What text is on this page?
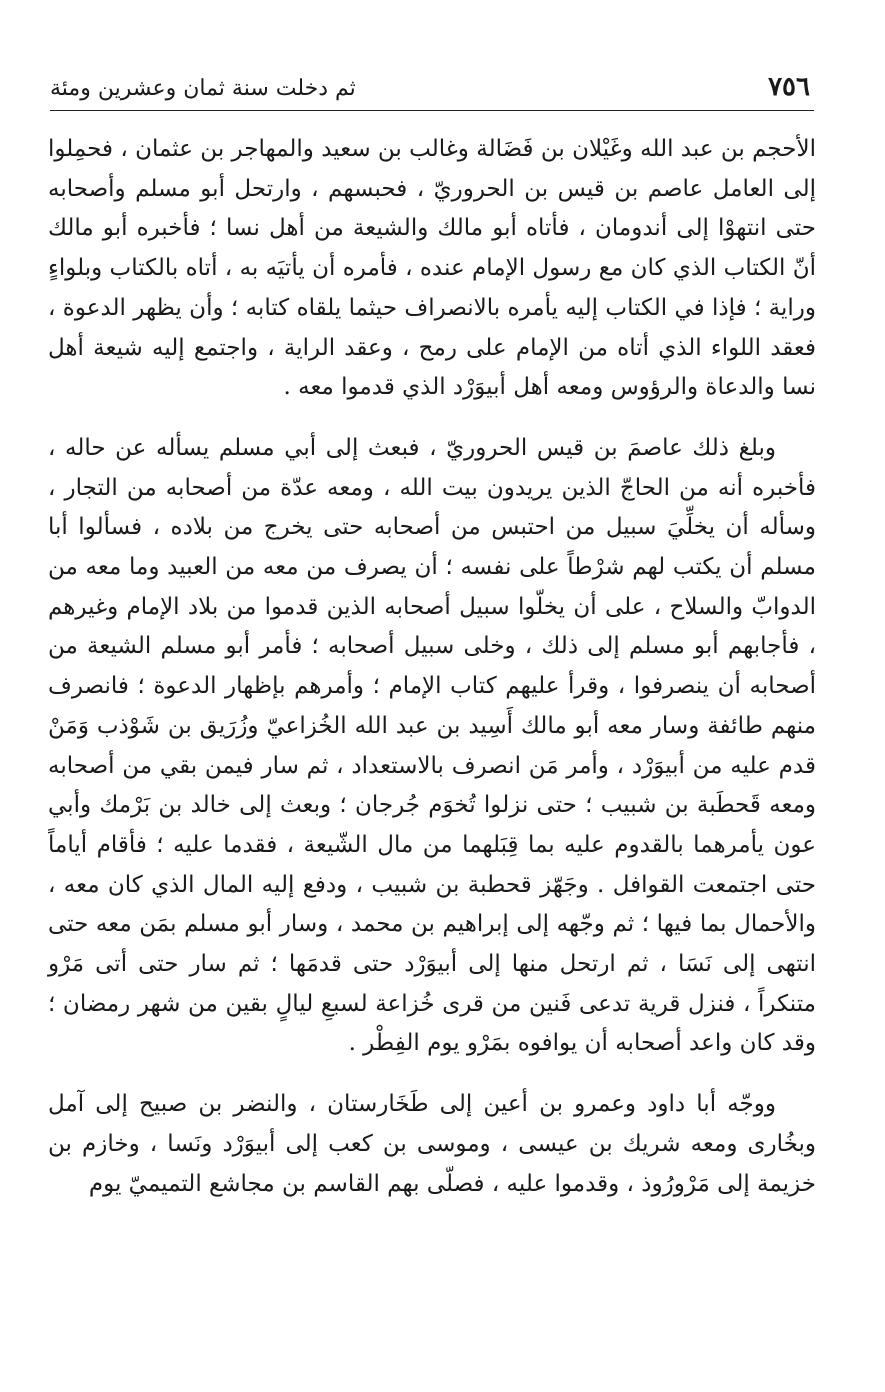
٧٥٦
ثم دخلت سنة ثمان وعشرين ومئة

الأحجم بن عبد الله وغَيْلان بن فَضَالة وغالب بن سعيد والمهاجر بن عثمان ، فحمِلوا إلى العامل عاصم بن قيس بن الحروريّ ، فحبسهم ، وارتحل أبو مسلم وأصحابه حتى انتهوْا إلى أندومان ، فأتاه أبو مالك والشيعة من أهل نسا ؛ فأخبره أبو مالك أنّ الكتاب الذي كان مع رسول الإمام عنده ، فأمره أن يأتيَه به ، أتاه بالكتاب وبلواءٍ وراية ؛ فإذا في الكتاب إليه يأمره بالانصراف حيثما يلقاه كتابه ؛ وأن يظهر الدعوة ، فعقد اللواء الذي أتاه من الإمام على رمح ، وعقد الراية ، واجتمع إليه شيعة أهل نسا والدعاة والرؤوس ومعه أهل أبيوَرْد الذي قدموا معه .

وبلغ ذلك عاصمَ بن قيس الحروريّ ، فبعث إلى أبي مسلم يسأله عن حاله ، فأخبره أنه من الحاجّ الذين يريدون بيت الله ، ومعه عدّة من أصحابه من التجار ، وسأله أن يخلِّيَ سبيل من احتبس من أصحابه حتى يخرج من بلاده ، فسألوا أبا مسلم أن يكتب لهم شرْطاً على نفسه ؛ أن يصرف من معه من العبيد وما معه من الدوابّ والسلاح ، على أن يخلّوا سبيل أصحابه الذين قدموا من بلاد الإمام وغيرهم ، فأجابهم أبو مسلم إلى ذلك ، وخلى سبيل أصحابه ؛ فأمر أبو مسلم الشيعة من أصحابه أن ينصرفوا ، وقرأ عليهم كتاب الإمام ؛ وأمرهم بإظهار الدعوة ؛ فانصرف منهم طائفة وسار معه أبو مالك أَسِيد بن عبد الله الخُزاعيّ وزُرَيق بن شَوْذب وَمَنْ قدم عليه من أبيوَرْد ، وأمر مَن انصرف بالاستعداد ، ثم سار فيمن بقي من أصحابه ومعه قَحطَبة بن شبيب ؛ حتى نزلوا تُخوَم جُرجان ؛ وبعث إلى خالد بن بَرْمك وأبي عون يأمرهما بالقدوم عليه بما قِبَلهما من مال الشّيعة ، فقدما عليه ؛ فأقام أياماً حتى اجتمعت القوافل . وجَهّز قحطبة بن شبيب ، ودفع إليه المال الذي كان معه ، والأحمال بما فيها ؛ ثم وجّهه إلى إبراهيم بن محمد ، وسار أبو مسلم بمَن معه حتى انتهى إلى نَسَا ، ثم ارتحل منها إلى أبيوَرْد حتى قدمَها ؛ ثم سار حتى أتى مَرْو متنكراً ، فنزل قرية تدعى فَنين من قرى خُزاعة لسبعِ ليالٍ بقين من شهر رمضان ؛ وقد كان واعد أصحابه أن يوافوه بمَرْو يوم الفِطْر .

ووجّه أبا داود وعمرو بن أعين إلى طَخَارستان ، والنضر بن صبيح إلى آمل وبخُارى ومعه شريك بن عيسى ، وموسى بن كعب إلى أبيوَرْد ونَسا ، وخازم بن خزيمة إلى مَرْورُوذ ، وقدموا عليه ، فصلّى بهم القاسم بن مجاشع التميميّ يوم
